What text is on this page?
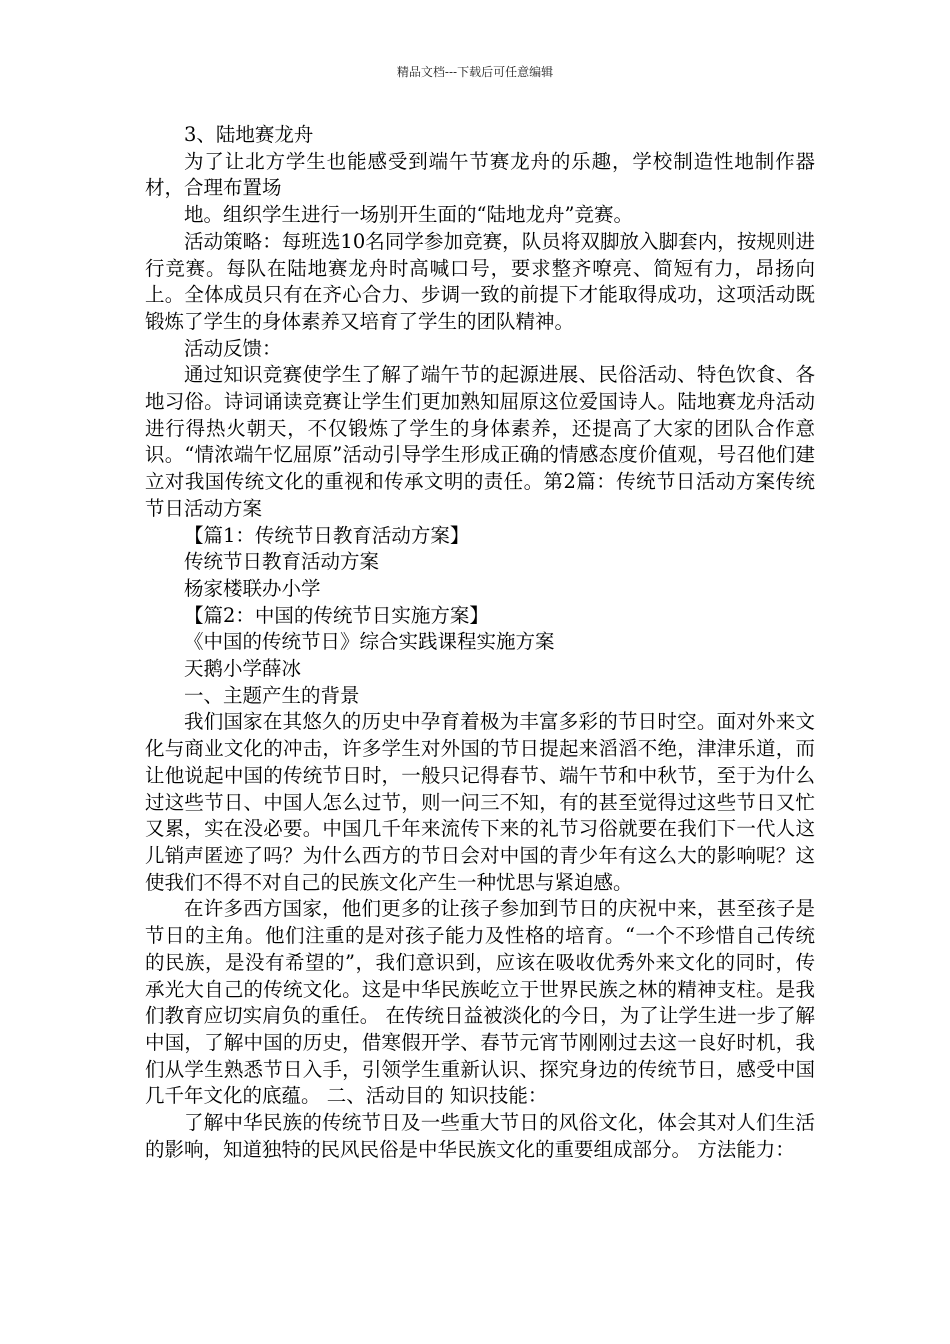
精品文档---下载后可任意编辑

3、陆地赛龙舟

为了让北方学生也能感受到端午节赛龙舟的乐趣，学校制造性地制作器材，合理布置场

地。组织学生进行一场别开生面的“陆地龙舟”竞赛。

活动策略：每班选10名同学参加竞赛，队员将双脚放入脚套内，按规则进行竞赛。每队在陆地赛龙舟时高喊口号，要求整齐嘹亮、简短有力，昂扬向上。全体成员只有在齐心合力、步调一致的前提下才能取得成功，这项活动既锻炼了学生的身体素养又培育了学生的团队精神。

活动反馈：

通过知识竞赛使学生了解了端午节的起源进展、民俗活动、特色饮食、各地习俗。诗词诵读竞赛让学生们更加熟知屈原这位爱国诗人。陆地赛龙舟活动进行得热火朝天，不仅锻炼了学生的身体素养，还提高了大家的团队合作意识。“情浓端午忆屈原”活动引导学生形成正确的情感态度价值观，号召他们建立对我国传统文化的重视和传承文明的责任。第2篇：传统节日活动方案传统节日活动方案

【篇1：传统节日教育活动方案】

传统节日教育活动方案

杨家楼联办小学

【篇2：中国的传统节日实施方案】

《中国的传统节日》综合实践课程实施方案

天鹅小学薛冰

一、主题产生的背景

我们国家在其悠久的历史中孕育着极为丰富多彩的节日时空。面对外来文化与商业文化的冲击，许多学生对外国的节日提起来滔滔不绝，津津乐道，而让他说起中国的传统节日时，一般只记得春节、端午节和中秋节，至于为什么过这些节日、中国人怎么过节，则一问三不知，有的甚至觉得过这些节日又忙又累，实在没必要。中国几千年来流传下来的礼节习俗就要在我们下一代人这儿销声匿迹了吗？为什么西方的节日会对中国的青少年有这么大的影响呢？这使我们不得不对自己的民族文化产生一种忧思与紧迫感。

在许多西方国家，他们更多的让孩子参加到节日的庆祝中来，甚至孩子是节日的主角。他们注重的是对孩子能力及性格的培育。“一个不珍惜自己传统的民族，是没有希望的”，我们意识到，应该在吸收优秀外来文化的同时，传承光大自己的传统文化。这是中华民族屹立于世界民族之林的精神支柱。是我们教育应切实肩负的重任。 在传统日益被淡化的今日，为了让学生进一步了解中国，了解中国的历史，借寒假开学、春节元宵节刚刚过去这一良好时机，我们从学生熟悉节日入手，引领学生重新认识、探究身边的传统节日，感受中国几千年文化的底蕴。 二、活动目的 知识技能：

了解中华民族的传统节日及一些重大节日的风俗文化，体会其对人们生活的影响，知道独特的民风民俗是中华民族文化的重要组成部分。 方法能力：
